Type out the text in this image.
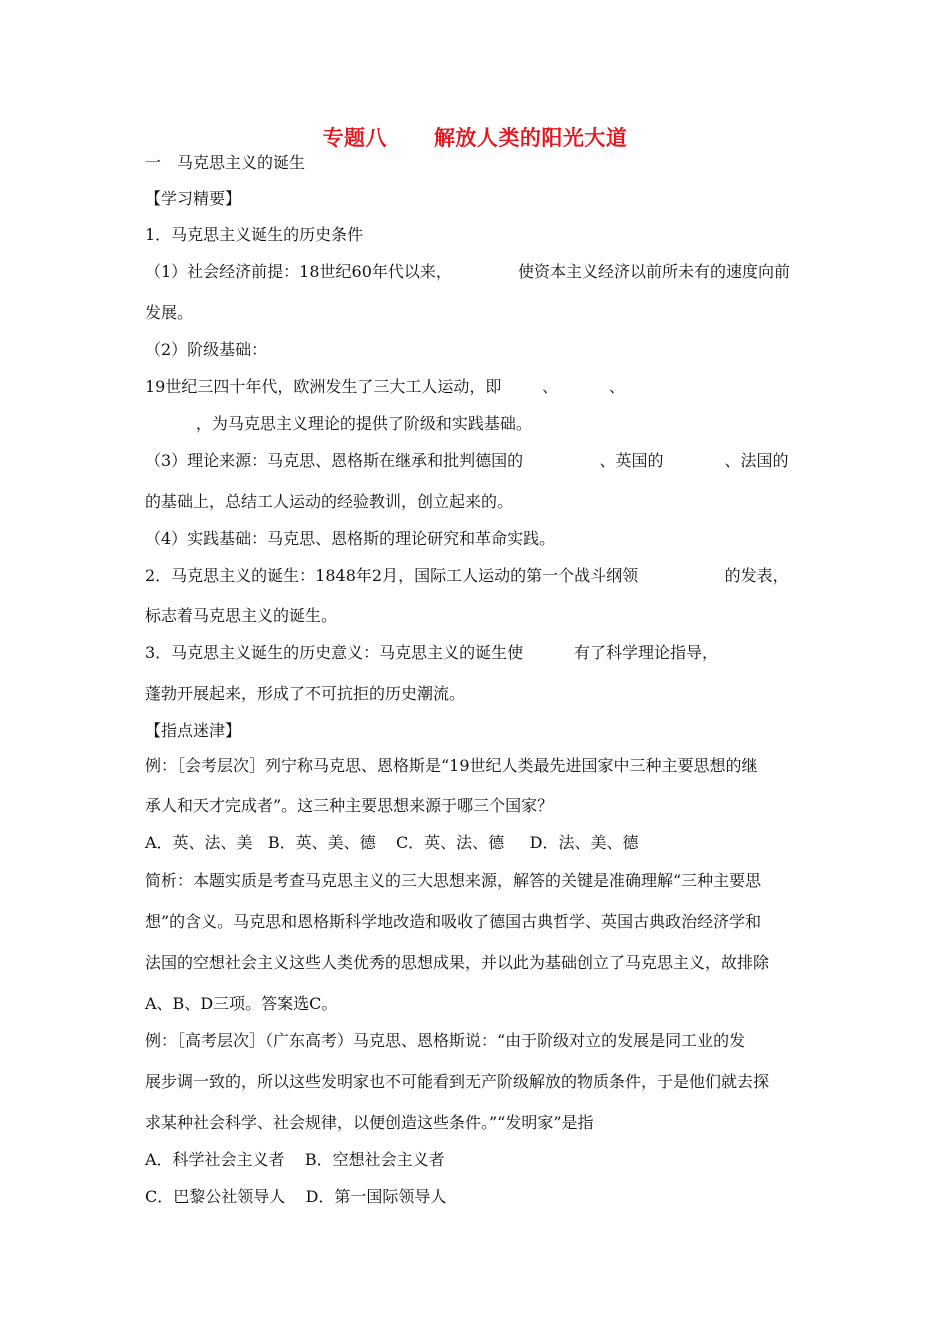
专题八 解放人类的阳光大道
一　马克思主义的诞生
【学习精要】
1．马克思主义诞生的历史条件
（1）社会经济前提：18世纪60年代以来，	使资本主义经济以前所未有的速度向前
发展。
（2）阶级基础：
19世纪三四十年代，欧洲发生了三大工人运动，即	、	、
，为马克思主义理论的提供了阶级和实践基础。
（3）理论来源：马克思、恩格斯在继承和批判德国的	、英国的	、法国的
的基础上，总结工人运动的经验教训，创立起来的。
（4）实践基础：马克思、恩格斯的理论研究和革命实践。
2．马克思主义的诞生：1848年2月，国际工人运动的第一个战斗纲领	的发表，
标志着马克思主义的诞生。
3．马克思主义诞生的历史意义：马克思主义的诞生使	有了科学理论指导，
蓬勃开展起来，形成了不可抗拒的历史潮流。
【指点迷津】
例：［会考层次］列宁称马克思、恩格斯是“19世纪人类最先进国家中三种主要思想的继
承人和天才完成者”。这三种主要思想来源于哪三个国家？
A．英、法、美 B．英、美、德 C．英、法、德 D．法、美、德
简析：本题实质是考查马克思主义的三大思想来源，解答的关键是准确理解“三种主要思
想”的含义。马克思和恩格斯科学地改造和吸收了德国古典哲学、英国古典政治经济学和
法国的空想社会主义这些人类优秀的思想成果，并以此为基础创立了马克思主义，故排除
A、B、D三项。答案选C。
例：［高考层次］（广东高考）马克思、恩格斯说：“由于阶级对立的发展是同工业的发
展步调一致的，所以这些发明家也不可能看到无产阶级解放的物质条件，于是他们就去探
求某种社会科学、社会规律，以便创造这些条件。”“发明家”是指
A．科学社会主义者 B．空想社会主义者
C．巴黎公社领导人 D．第一国际领导人
